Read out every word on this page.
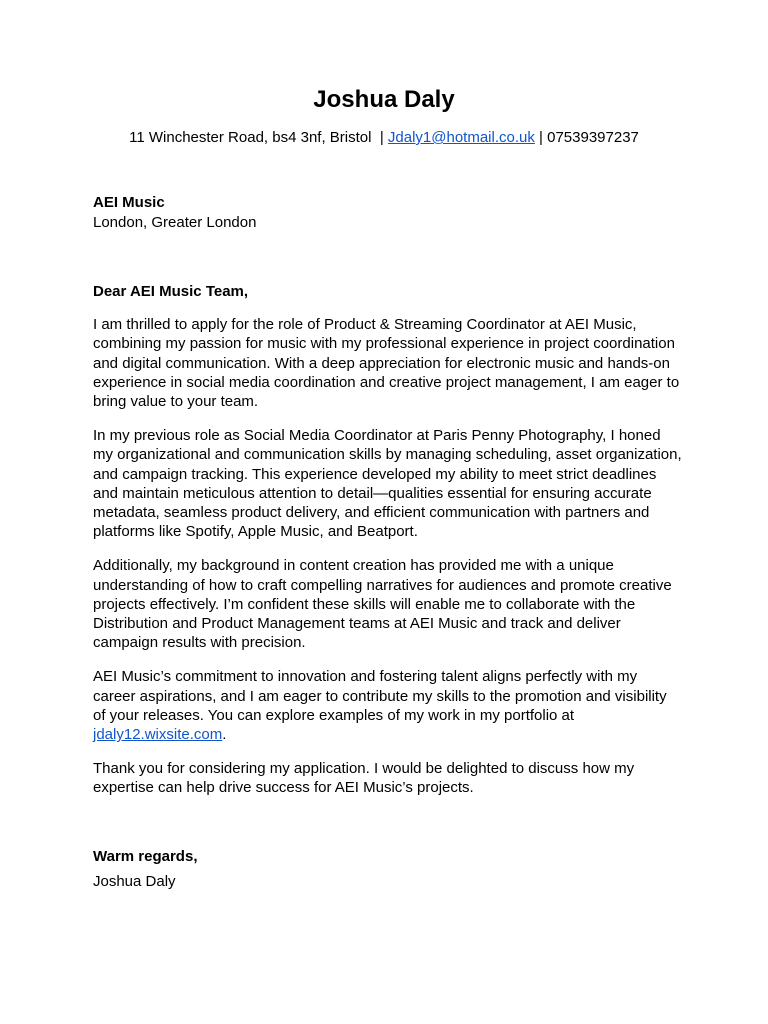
Joshua Daly
11 Winchester Road, bs4 3nf, Bristol | Jdaly1@hotmail.co.uk | 07539397237
AEI Music
London, Greater London
Dear AEI Music Team,

I am thrilled to apply for the role of Product & Streaming Coordinator at AEI Music, combining my passion for music with my professional experience in project coordination and digital communication. With a deep appreciation for electronic music and hands-on experience in social media coordination and creative project management, I am eager to bring value to your team.

In my previous role as Social Media Coordinator at Paris Penny Photography, I honed my organizational and communication skills by managing scheduling, asset organization, and campaign tracking. This experience developed my ability to meet strict deadlines and maintain meticulous attention to detail—qualities essential for ensuring accurate metadata, seamless product delivery, and efficient communication with partners and platforms like Spotify, Apple Music, and Beatport.

Additionally, my background in content creation has provided me with a unique understanding of how to craft compelling narratives for audiences and promote creative projects effectively. I’m confident these skills will enable me to collaborate with the Distribution and Product Management teams at AEI Music and track and deliver campaign results with precision.

AEI Music’s commitment to innovation and fostering talent aligns perfectly with my career aspirations, and I am eager to contribute my skills to the promotion and visibility of your releases. You can explore examples of my work in my portfolio at jdaly12.wixsite.com.

Thank you for considering my application. I would be delighted to discuss how my expertise can help drive success for AEI Music’s projects.

Warm regards,
Joshua Daly
